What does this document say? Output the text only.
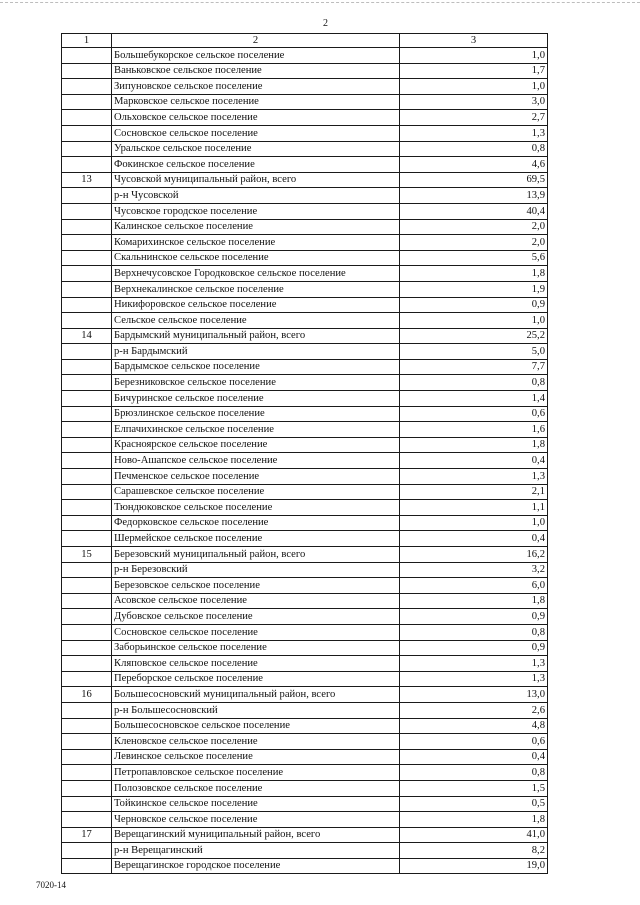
2
1	2	3
	Большебукорское сельское поселение	1,0
	Ваньковское сельское поселение	1,7
	Зипуновское сельское поселение	1,0
	Марковское сельское поселение	3,0
	Ольховское сельское поселение	2,7
	Сосновское сельское поселение	1,3
	Уральское сельское поселение	0,8
	Фокинское сельское поселение	4,6
13	Чусовской муниципальный район, всего	69,5
	р-н Чусовской	13,9
	Чусовское городское поселение	40,4
	Калинское сельское поселение	2,0
	Комарихинское сельское поселение	2,0
	Скальнинское сельское поселение	5,6
	Верхнечусовское Городковское сельское поселение	1,8
	Верхнекалинское сельское поселение	1,9
	Никифоровское сельское поселение	0,9
	Сельское сельское поселение	1,0
14	Бардымский муниципальный район, всего	25,2
	р-н Бардымский	5,0
	Бардымское сельское поселение	7,7
	Березниковское сельское поселение	0,8
	Бичуринское сельское поселение	1,4
	Брюзлинское сельское поселение	0,6
	Елпачихинское сельское поселение	1,6
	Красноярское сельское поселение	1,8
	Ново-Ашапское сельское поселение	0,4
	Печменское сельское поселение	1,3
	Сарашевское сельское поселение	2,1
	Тюндюковское сельское поселение	1,1
	Федорковское сельское поселение	1,0
	Шермейское сельское поселение	0,4
15	Березовский муниципальный район, всего	16,2
	р-н Березовский	3,2
	Березовское сельское поселение	6,0
	Асовское сельское поселение	1,8
	Дубовское сельское поселение	0,9
	Сосновское сельское поселение	0,8
	Заборьинское сельское поселение	0,9
	Кляповское сельское поселение	1,3
	Переборское сельское поселение	1,3
16	Большесосновский муниципальный район, всего	13,0
	р-н Большесосновский	2,6
	Большесосновское сельское поселение	4,8
	Кленовское сельское поселение	0,6
	Левинское сельское поселение	0,4
	Петропавловское сельское поселение	0,8
	Полозовское сельское поселение	1,5
	Тойкинское сельское поселение	0,5
	Черновское сельское поселение	1,8
17	Верещагинский муниципальный район, всего	41,0
	р-н Верещагинский	8,2
	Верещагинское городское поселение	19,0
7020-14
